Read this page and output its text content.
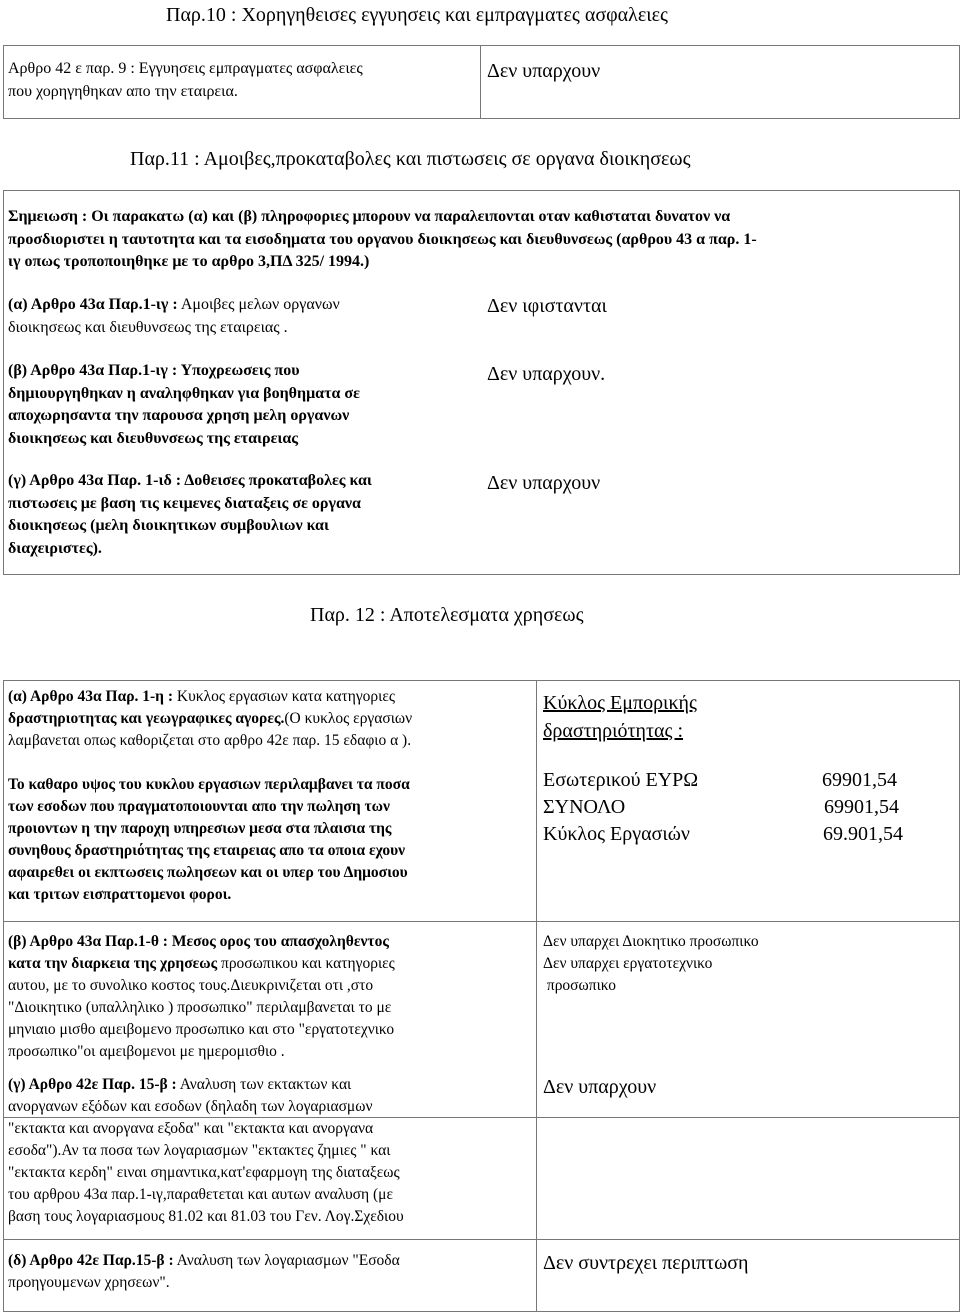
Παρ.10 : Χορηγηθεισες εγγυησεις και εμπραγματες ασφαλειες
Αρθρο 42 ε παρ. 9 : Εγγυησεις εμπραγματες ασφαλειες
που χορηγηθηκαν απο την εταιρεια.
Δεν υπαρχουν
Παρ.11 : Αμοιβες,προκαταβολες και πιστωσεις σε οργανα διοικησεως
Σημειωση : Οι παρακατω (α) και (β) πληροφοριες μπορουν να παραλειπονται οταν καθισταται δυνατον να
προσδιοριστει η ταυτοτητα και τα εισοδηματα του οργανου διοικησεως και διευθυνσεως (αρθρου 43 α παρ. 1-
ιγ οπως τροποποιηθηκε με το αρθρο 3,ΠΔ 325/ 1994.)
(α) Αρθρο 43α Παρ.1-ιγ : Αμοιβες μελων οργανων
διοικησεως και διευθυνσεως της εταιρειας .
Δεν ιφιστανται
(β) Αρθρο 43α Παρ.1-ιγ : Υποχρεωσεις που
δημιουργηθηκαν η αναληφθηκαν για βοηθηματα σε
αποχωρησαντα την παρουσα χρηση μελη οργανων
διοικησεως και διευθυνσεως της εταιρειας
Δεν υπαρχουν.
(γ) Αρθρο 43α Παρ. 1-ιδ : Δοθεισες προκαταβολες και
πιστωσεις με βαση τις κειμενες διαταξεις σε οργανα
διοικησεως (μελη διοικητικων συμβουλιων και
διαχειριστες).
Δεν υπαρχουν
Παρ. 12 : Αποτελεσματα χρησεως
(α) Αρθρο 43α Παρ. 1-η : Κυκλος εργασιων κατα κατηγοριες
δραστηριοτητας και γεωγραφικες αγορες.(Ο κυκλος εργασιων
λαμβανεται οπως καθοριζεται στο αρθρο 42ε παρ. 15 εδαφιο α ).
Το καθαρο υψος του κυκλου εργασιων περιλαμβανει τα ποσα
των εσοδων που πραγματοποιουνται απο την πωληση των
προιοντων η την παροχη υπηρεσιων μεσα στα πλαισια της
συνηθους δραστηριότητας της εταιρειας απο τα οποια εχουν
αφαιρεθει οι εκπτωσεις πωλησεων και οι υπερ του Δημοσιου
και τριτων εισπραττομενοι φοροι.
Κύκλος Εμπορικής
δραστηριότητας :
Εσωτερικού ΕΥΡΩ	69901,54
ΣΥΝΟΛΟ	69901,54
Κύκλος Εργασιών	69.901,54
(β) Αρθρο 43α Παρ.1-θ : Μεσος ορος του απασχοληθεντος
κατα την διαρκεια της χρησεως προσωπικου και κατηγοριες
αυτου, με το συνολικο κοστος τους.Διευκρινιζεται οτι ,στο
"Διοικητικο (υπαλληλικο ) προσωπικο" περιλαμβανεται το με
μηνιαιο μισθο αμειβομενο προσωπικο και στο "εργατοτεχνικο
προσωπικο"οι αμειβομενοι με ημερομισθιο .
Δεν υπαρχει Διοκητικο προσωπικο
Δεν υπαρχει εργατοτεχνικο
προσωπικο
(γ) Αρθρο 42ε Παρ. 15-β : Αναλυση των εκτακτων και
ανοργανων εξόδων και εσοδων (δηλαδη των λογαριασμων
"εκτακτα και ανοργανα εξοδα" και "εκτακτα και ανοργανα
εσοδα").Αν τα ποσα των λογαριασμων "εκτακτες ζημιες " και
"εκτακτα κερδη" ειναι σημαντικα,κατ'εφαρμογη της διαταξεως
του αρθρου 43α παρ.1-ιγ,παραθετεται και αυτων αναλυση (με
βαση τους λογαριασμους 81.02 και 81.03 του Γεν. Λογ.Σχεδιου
Δεν υπαρχουν
(δ) Αρθρο 42ε Παρ.15-β : Αναλυση των λογαριασμων "Εσοδα
προηγουμενων χρησεων".
Δεν συντρεχει περιπτωση
